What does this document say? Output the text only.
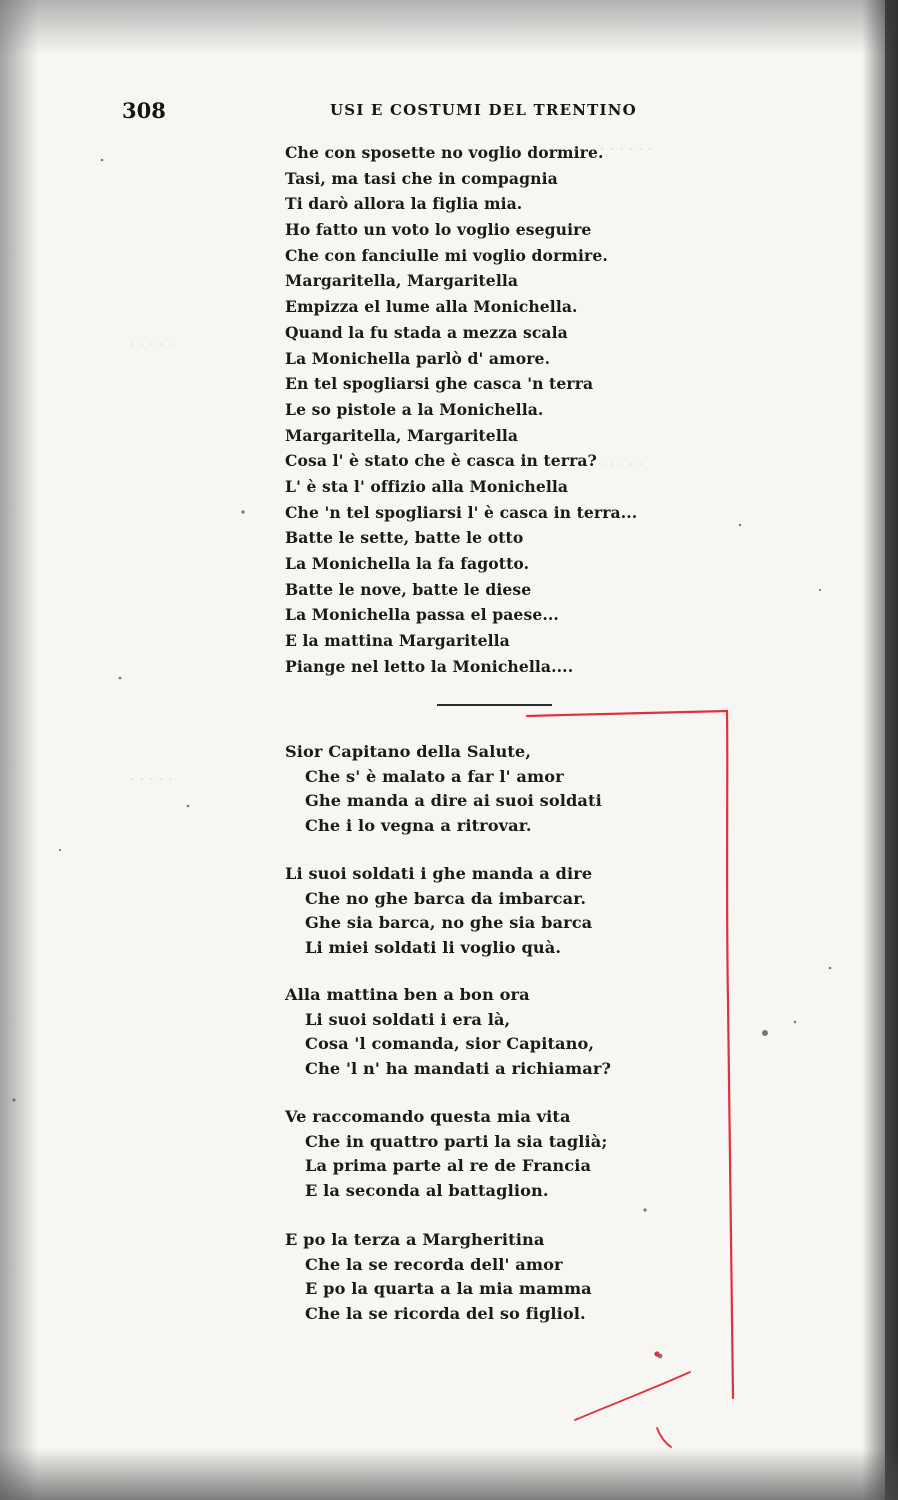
· · · · · ·
· · · · ·
· · · · ·
· · · · ·
308	USI E COSTUMI DEL TRENTINO
Che con sposette no voglio dormire.
Tasi, ma tasi che in compagnia
Ti darò allora la figlia mia.
Ho fatto un voto lo voglio eseguire
Che con fanciulle mi voglio dormire.
Margaritella, Margaritella
Empizza el lume alla Monichella.
Quand la fu stada a mezza scala
La Monichella parlò d' amore.
En tel spogliarsi ghe casca 'n terra
Le so pistole a la Monichella.
Margaritella, Margaritella
Cosa l' è stato che è casca in terra?
L' è sta l' offizio alla Monichella
Che 'n tel spogliarsi l' è casca in terra...
Batte le sette, batte le otto
La Monichella la fa fagotto.
Batte le nove, batte le diese
La Monichella passa el paese...
E la mattina Margaritella
Piange nel letto la Monichella....
Sior Capitano della Salute,
Che s' è malato a far l' amor
Ghe manda a dire ai suoi soldati
Che i lo vegna a ritrovar.
Li suoi soldati i ghe manda a dire
Che no ghe barca da imbarcar.
Ghe sia barca, no ghe sia barca
Li miei soldati li voglio quà.
Alla mattina ben a bon ora
Li suoi soldati i era là,
Cosa 'l comanda, sior Capitano,
Che 'l n' ha mandati a richiamar?
Ve raccomando questa mia vita
Che in quattro parti la sia taglià;
La prima parte al re de Francia
E la seconda al battaglion.
E po la terza a Margheritina
Che la se recorda dell' amor
E po la quarta a la mia mamma
Che la se ricorda del so figliol.
